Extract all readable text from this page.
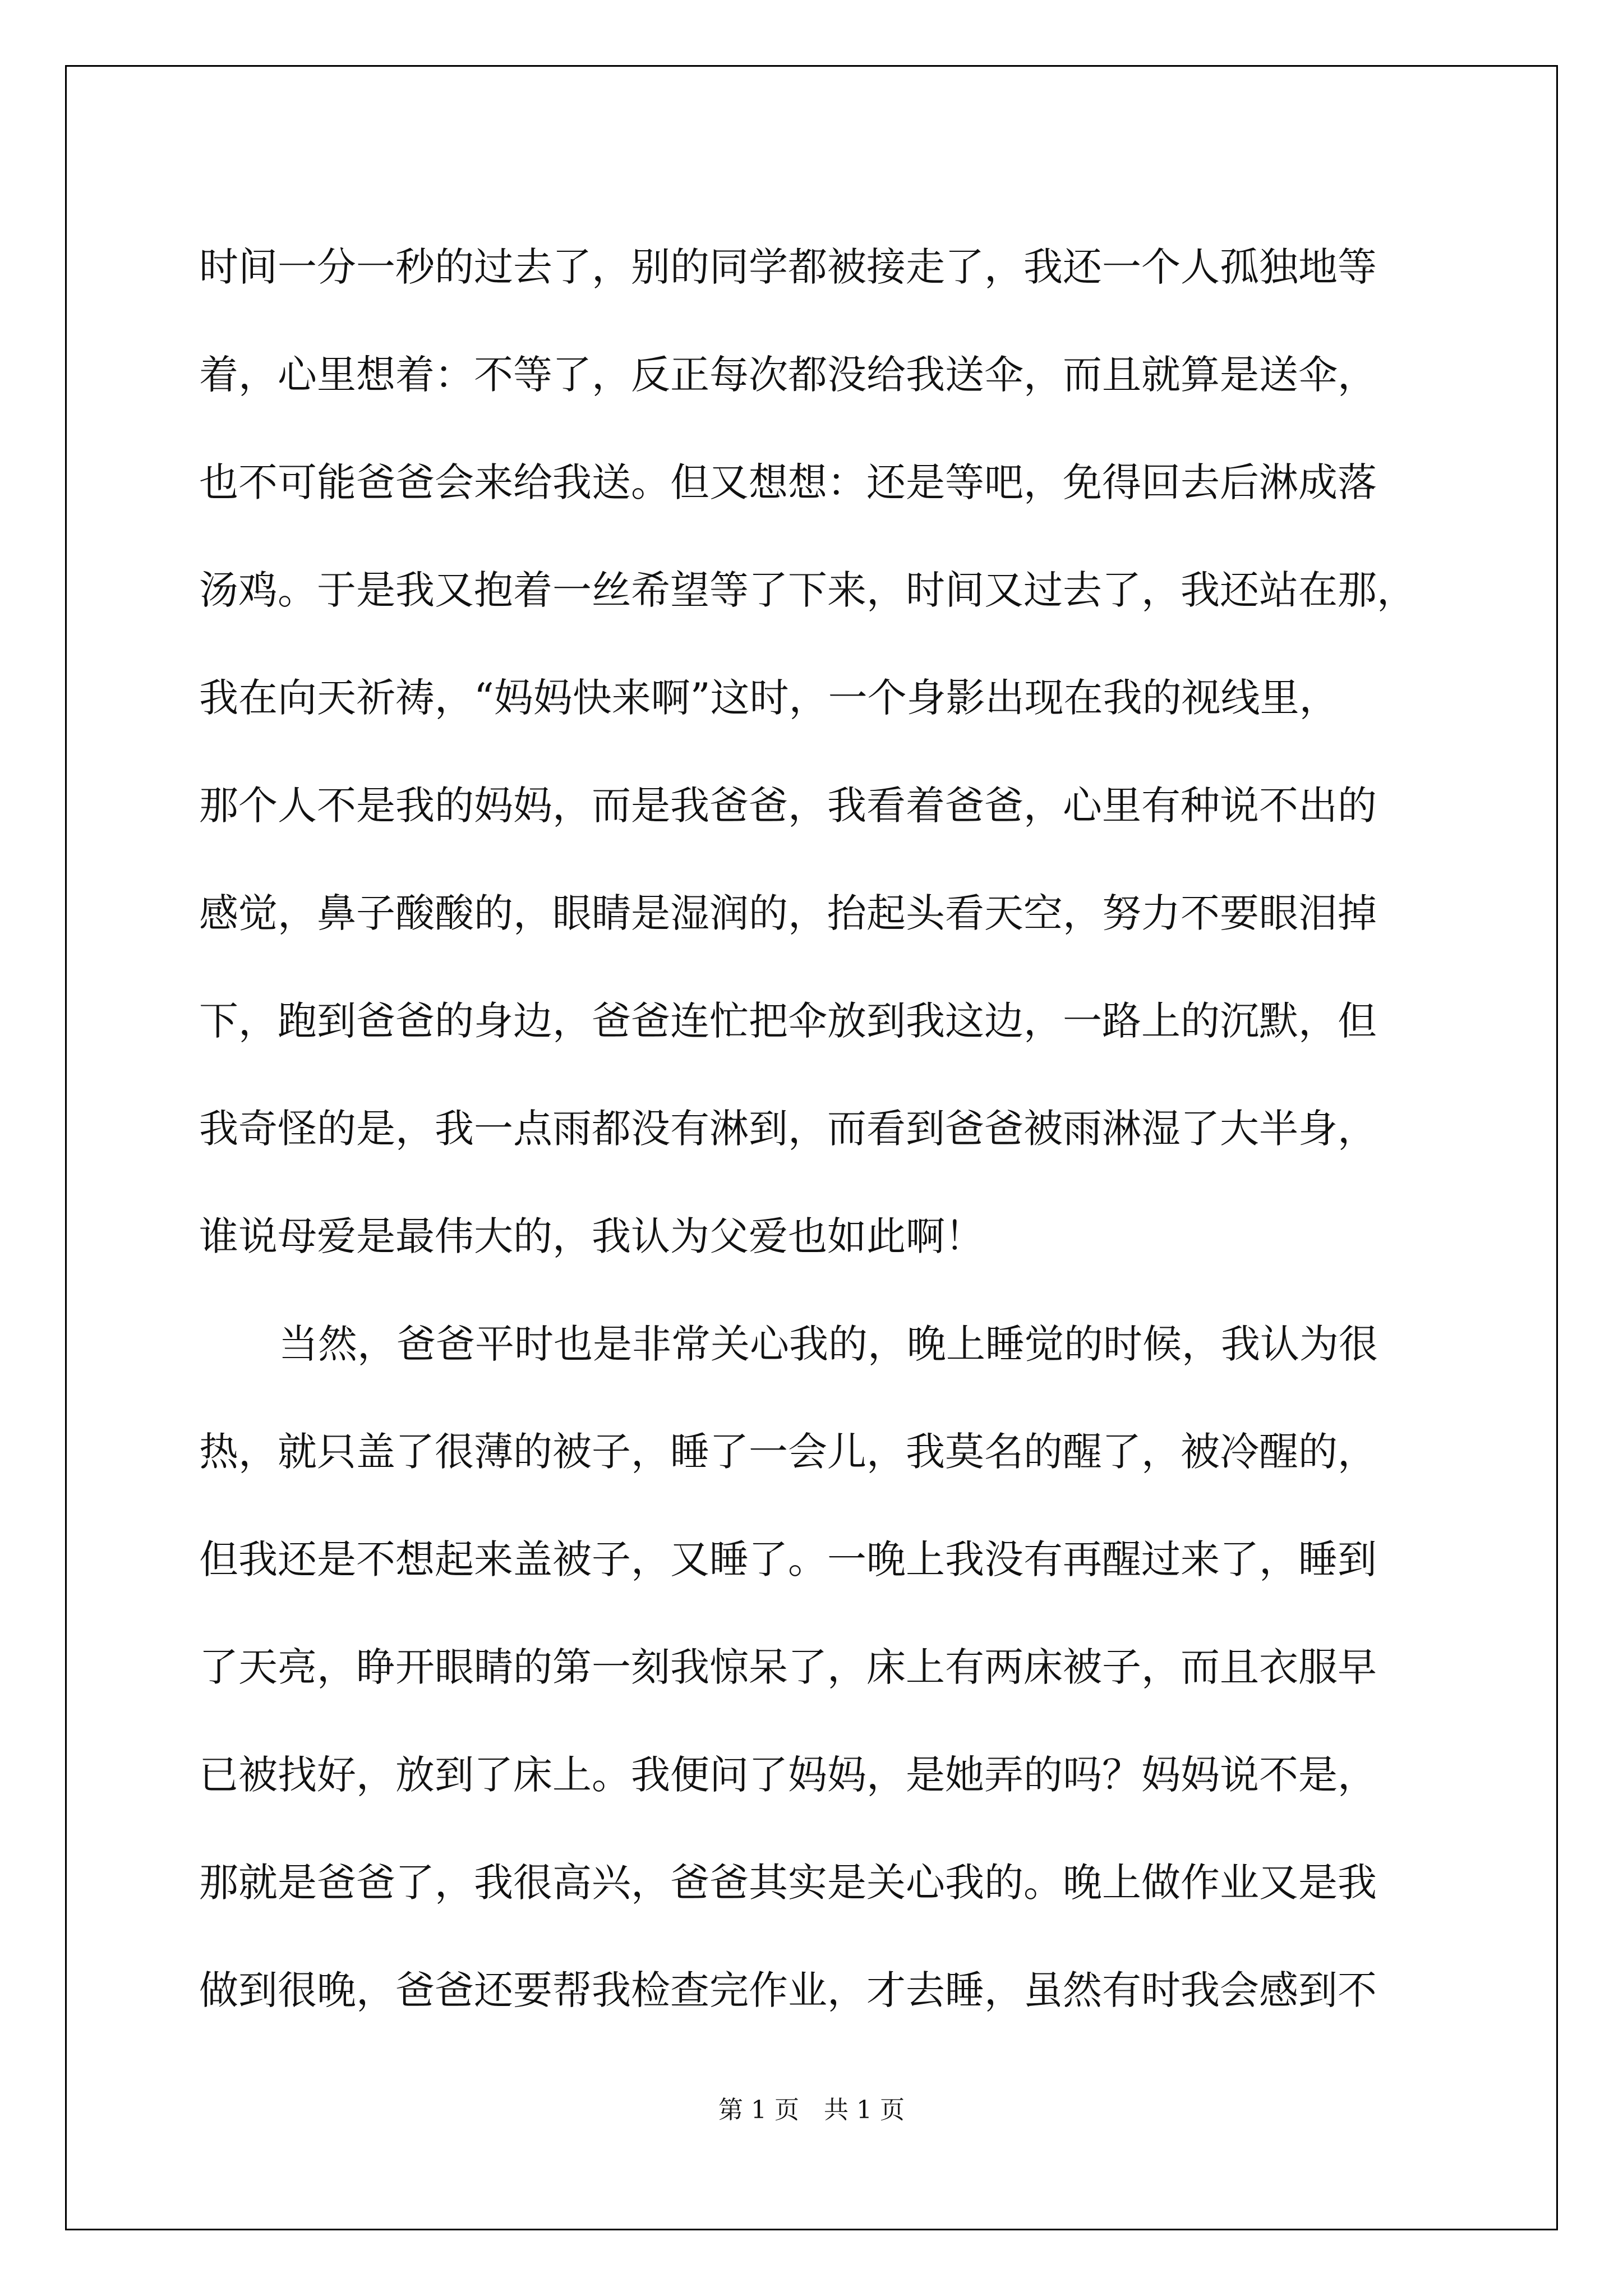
时间一分一秒的过去了，别的同学都被接走了，我还一个人孤独地等
着，心里想着：不等了，反正每次都没给我送伞，而且就算是送伞，
也不可能爸爸会来给我送。但又想想：还是等吧，免得回去后淋成落
汤鸡。于是我又抱着一丝希望等了下来，时间又过去了，我还站在那，
我在向天祈祷，“妈妈快来啊”这时，一个身影出现在我的视线里，
那个人不是我的妈妈，而是我爸爸，我看着爸爸，心里有种说不出的
感觉，鼻子酸酸的，眼睛是湿润的，抬起头看天空，努力不要眼泪掉
下，跑到爸爸的身边，爸爸连忙把伞放到我这边，一路上的沉默，但
我奇怪的是，我一点雨都没有淋到，而看到爸爸被雨淋湿了大半身，
谁说母爱是最伟大的，我认为父爱也如此啊！
当然，爸爸平时也是非常关心我的，晚上睡觉的时候，我认为很
热，就只盖了很薄的被子，睡了一会儿，我莫名的醒了，被冷醒的，
但我还是不想起来盖被子，又睡了。一晚上我没有再醒过来了，睡到
了天亮，睁开眼睛的第一刻我惊呆了，床上有两床被子，而且衣服早
已被找好，放到了床上。我便问了妈妈，是她弄的吗？妈妈说不是，
那就是爸爸了，我很高兴，爸爸其实是关心我的。晚上做作业又是我
做到很晚，爸爸还要帮我检查完作业，才去睡，虽然有时我会感到不
第 1 页　共 1 页
